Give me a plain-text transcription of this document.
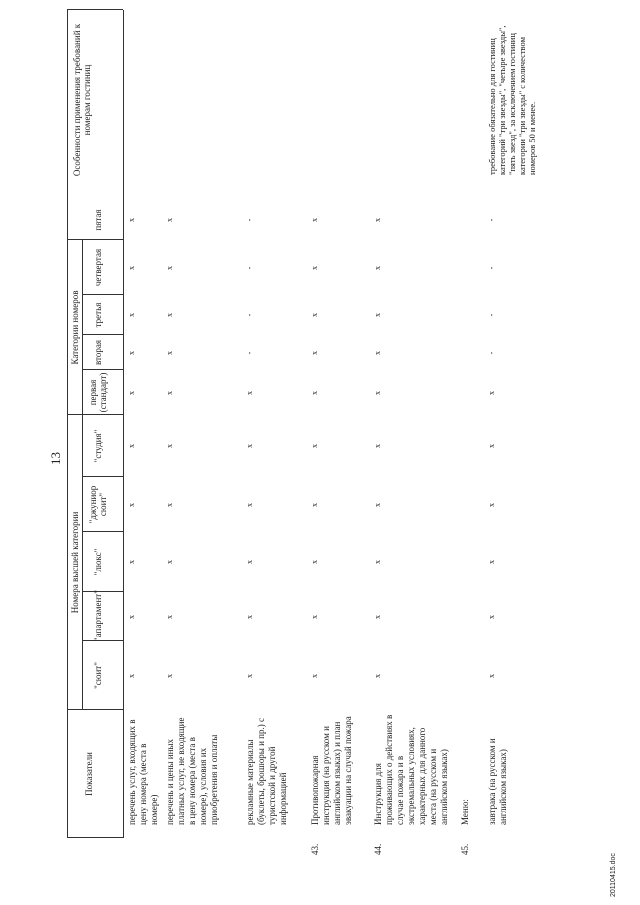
13
Показатели
Номера высшей категории
"сюит"
"апартамент"
"люкс"
"джуниор сюит"
"студия"
Категории номеров
первая (стандарт)
вторая
третья
четвертая
пятая
Особенности применения требований к номерам гостиниц
перечень услуг, входящих в цену номера (места в номере) перечень и цены иных платных услуг, не входящие в цену номера (места в номере), условия их приобретения и оплаты	рекламные материалы (буклеты, брошюры и пр.) с туристской и другой информацией
43.
Противопожарная инструкция (на русском и английском языках) и план эвакуации на случай пожара
44.
Инструкция для проживающих о действиях в случае пожара и в экстремальных условиях, характерных для данного места (на русском и английском языках)
45.
Меню: завтрака (на русском и английском языках)
требование обязательно для гостиниц категорий "три звезды", "четыре звезды", "пять звезд", за исключением гостиниц категории "три звезды" с количеством номеров 50 и менее.
x
x
x
x
x
x
x
x
x
x
x
x
x
x
x
x
x
x
x
x
x
x
x
x
x
x
-
-
-
-
x
x
x
x
x
x
x
x
x
x
x
x
x
x
x
x
x
x
x
x
x
x
x
x
x
x
-
-
-
-
20110415.doc
